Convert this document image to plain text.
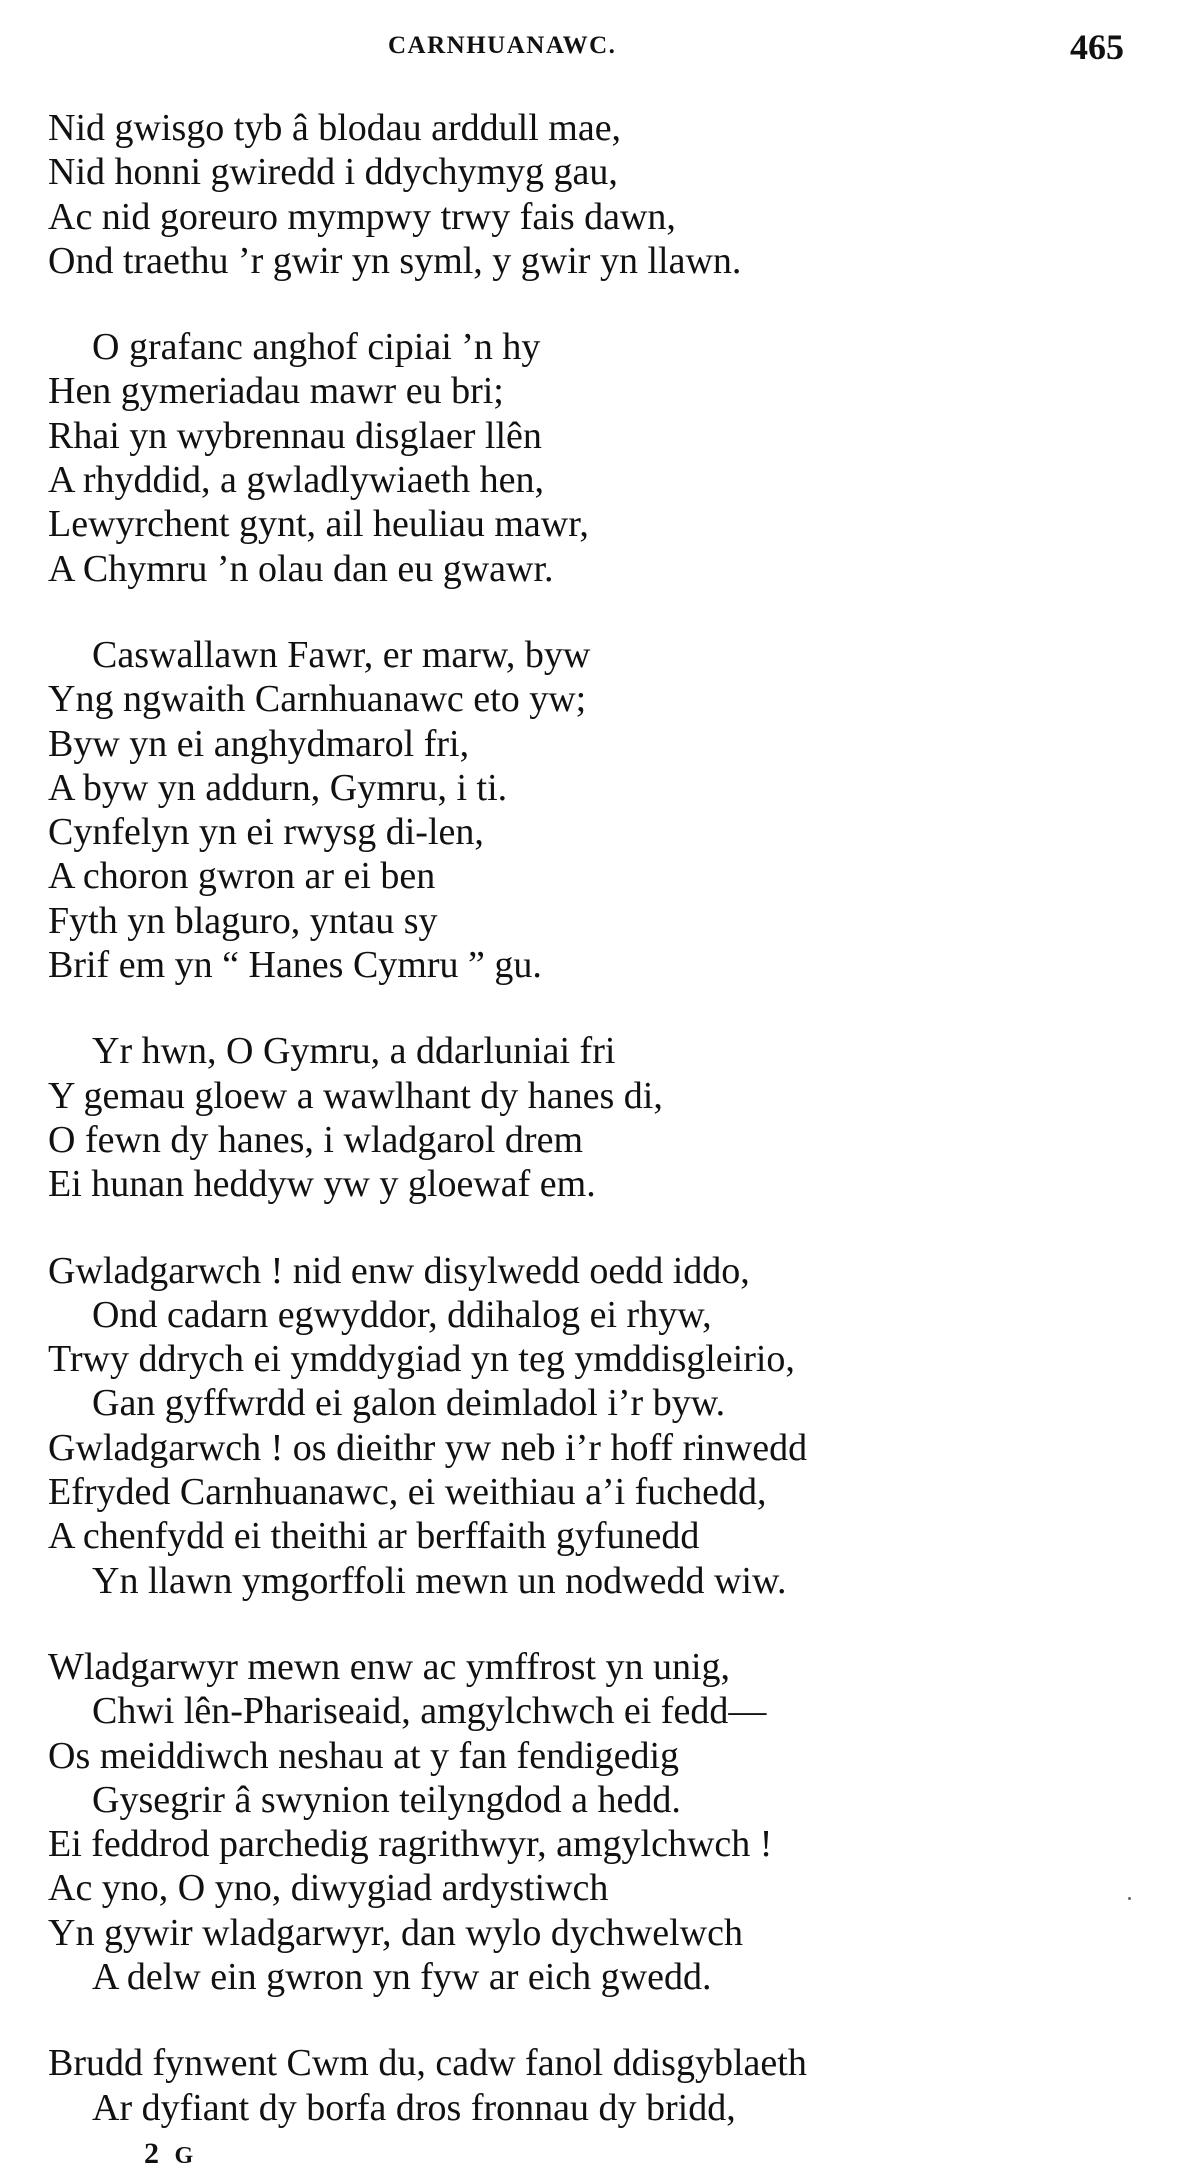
CARNHUANAWC.	465
Nid gwisgo tyb â blodau arddull mae,
Nid honni gwiredd i ddychymyg gau,
Ac nid goreuro mympwy trwy fais dawn,
Ond traethu ’r gwir yn syml, y gwir yn llawn.
O grafanc anghof cipiai ’n hy
Hen gymeriadau mawr eu bri;
Rhai yn wybrennau disglaer llên
A rhyddid, a gwladlywiaeth hen,
Lewyrchent gynt, ail heuliau mawr,
A Chymru ’n olau dan eu gwawr.
Caswallawn Fawr, er marw, byw
Yng ngwaith Carnhuanawc eto yw;
Byw yn ei anghydmarol fri,
A byw yn addurn, Gymru, i ti.
Cynfelyn yn ei rwysg di-len,
A choron gwron ar ei ben
Fyth yn blaguro, yntau sy
Brif em yn “ Hanes Cymru ” gu.
Yr hwn, O Gymru, a ddarluniai fri
Y gemau gloew a wawlhant dy hanes di,
O fewn dy hanes, i wladgarol drem
Ei hunan heddyw yw y gloewaf em.
Gwladgarwch ! nid enw disylwedd oedd iddo,
Ond cadarn egwyddor, ddihalog ei rhyw,
Trwy ddrych ei ymddygiad yn teg ymddisgleirio,
Gan gyffwrdd ei galon deimladol i’r byw.
Gwladgarwch ! os dieithr yw neb i’r hoff rinwedd
Efryded Carnhuanawc, ei weithiau a’i fuchedd,
A chenfydd ei theithi ar berffaith gyfunedd
Yn llawn ymgorffoli mewn un nodwedd wiw.
Wladgarwyr mewn enw ac ymffrost yn unig,
Chwi lên-Phariseaid, amgylchwch ei fedd—
Os meiddiwch neshau at y fan fendigedig
Gysegrir â swynion teilyngdod a hedd.
Ei feddrod parchedig ragrithwyr, amgylchwch !
Ac yno, O yno, diwygiad ardystiwch
Yn gywir wladgarwyr, dan wylo dychwelwch
A delw ein gwron yn fyw ar eich gwedd.
Brudd fynwent Cwm du, cadw fanol ddisgyblaeth
Ar dyfiant dy borfa dros fronnau dy bridd,
2 G
